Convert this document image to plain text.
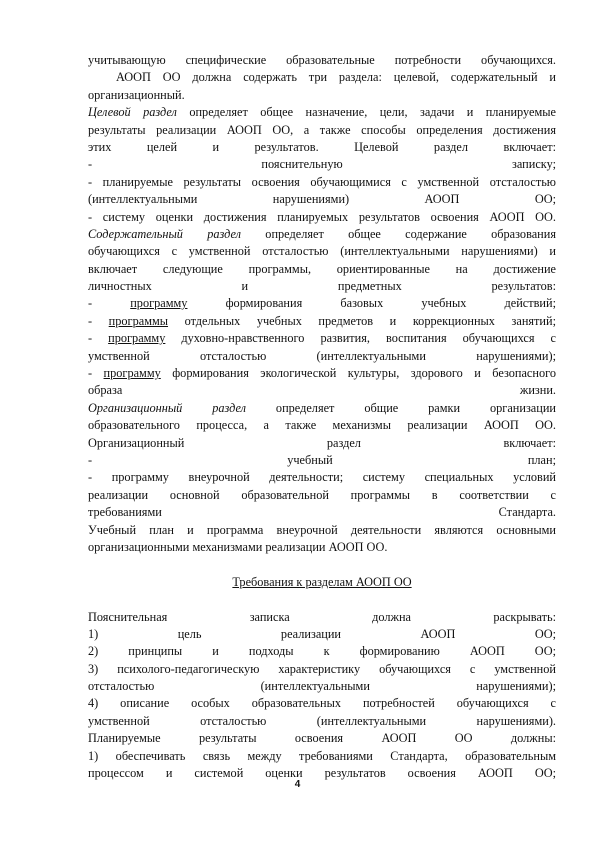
учитывающую специфические образовательные потребности обучающихся.
АООП ОО должна содержать три раздела: целевой, содержательный и
организационный.
Целевой раздел определяет общее назначение, цели, задачи и планируемые
результаты реализации АООП ОО, а также способы определения достижения
этих целей и результатов. Целевой раздел включает:
- пояснительную записку;
- планируемые результаты освоения обучающимися с умственной отсталостью
(интеллектуальными нарушениями) АООП ОО;
- систему оценки достижения планируемых результатов освоения АООП ОО.
Содержательный раздел определяет общее содержание образования
обучающихся с умственной отсталостью (интеллектуальными нарушениями) и
включает следующие программы, ориентированные на достижение
личностных и предметных результатов:
- программу формирования базовых учебных действий;
- программы отдельных учебных предметов и коррекционных занятий;
- программу духовно-нравственного развития, воспитания обучающихся с
умственной отсталостью (интеллектуальными нарушениями);
- программу формирования экологической культуры, здорового и безопасного
образа жизни.
Организационный раздел определяет общие рамки организации
образовательного процесса, а также механизмы реализации АООП ОО.
Организационный раздел включает:
- учебный план;
- программу внеурочной деятельности; систему специальных условий
реализации основной образовательной программы в соответствии с
требованиями Стандарта.
Учебный план и программа внеурочной деятельности являются основными
организационными механизмами реализации АООП ОО.
Требования к разделам АООП ОО
Пояснительная записка должна раскрывать:
1) цель реализации АООП ОО;
2) принципы и подходы к формированию АООП ОО;
3) психолого-педагогическую характеристику обучающихся с умственной
отсталостью (интеллектуальными нарушениями);
4) описание особых образовательных потребностей обучающихся с
умственной отсталостью (интеллектуальными нарушениями).
Планируемые результаты освоения АООП ОО должны:
1) обеспечивать связь между требованиями Стандарта, образовательным
процессом и системой оценки результатов освоения АООП ОО;
4
